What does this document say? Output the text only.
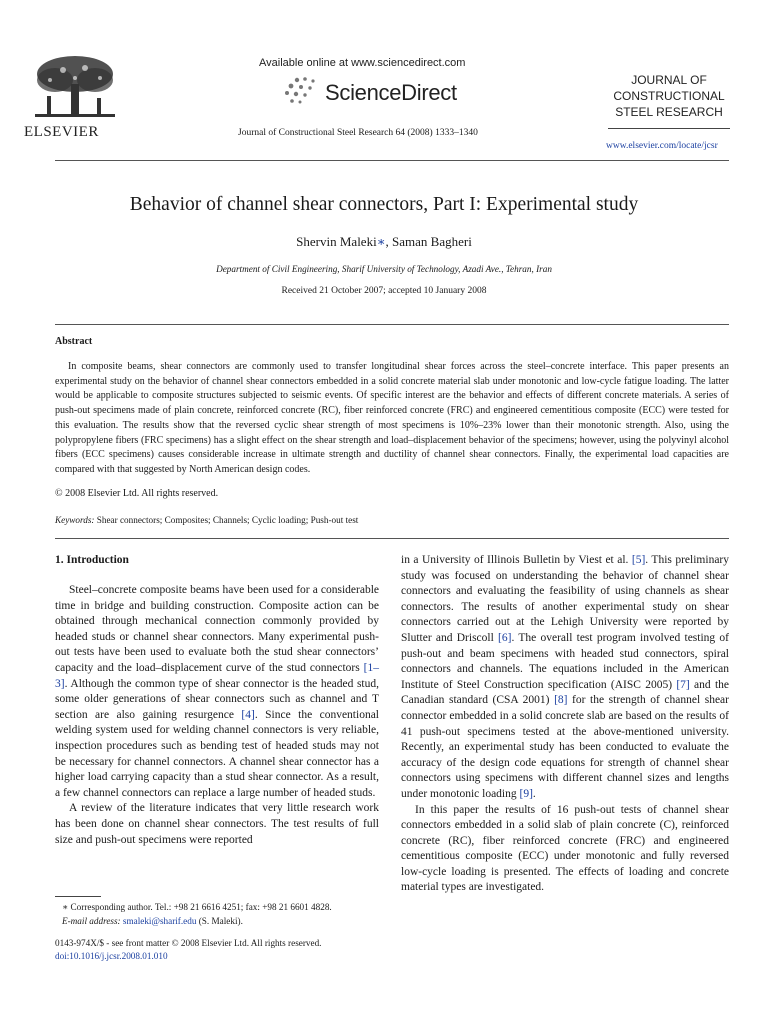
ELSEVIER
Available online at www.sciencedirect.com
ScienceDirect
Journal of Constructional Steel Research 64 (2008) 1333–1340
JOURNAL OF
CONSTRUCTIONAL
STEEL RESEARCH
www.elsevier.com/locate/jcsr
Behavior of channel shear connectors, Part I: Experimental study
Shervin Maleki∗, Saman Bagheri
Department of Civil Engineering, Sharif University of Technology, Azadi Ave., Tehran, Iran
Received 21 October 2007; accepted 10 January 2008
Abstract
In composite beams, shear connectors are commonly used to transfer longitudinal shear forces across the steel–concrete interface. This paper presents an experimental study on the behavior of channel shear connectors embedded in a solid concrete material slab under monotonic and low-cycle fatigue loading. The latter would be applicable to composite structures subjected to seismic events. Of specific interest are the behavior and effects of different concrete materials. A series of push-out specimens made of plain concrete, reinforced concrete (RC), fiber reinforced concrete (FRC) and engineered cementitious composite (ECC) were tested for this evaluation. The results show that the reversed cyclic shear strength of most specimens is 10%–23% lower than their monotonic strength. Also, using the polypropylene fibers (FRC specimens) has a slight effect on the shear strength and load–displacement behavior of the specimens; however, using the polyvinyl alcohol fibers (ECC specimens) causes considerable increase in ultimate strength and ductility of channel shear connectors. Finally, the experimental load capacities are compared with that suggested by North American design codes.
© 2008 Elsevier Ltd. All rights reserved.
Keywords: Shear connectors; Composites; Channels; Cyclic loading; Push-out test
1. Introduction

Steel–concrete composite beams have been used for a considerable time in bridge and building construction. Composite action can be obtained through mechanical connection commonly provided by headed studs or channel shear connectors. Many experimental push-out tests have been used to evaluate both the stud shear connectors’ capacity and the load–displacement curve of the stud connectors [1–3]. Although the common type of shear connector is the headed stud, some older generations of shear connectors such as channel and T section are also gaining resurgence [4]. Since the conventional welding system used for welding channel connectors is very reliable, inspection procedures such as bending test of headed studs may not be necessary for channel connectors. A channel shear connector has a higher load carrying capacity than a stud shear connector. As a result, a few channel connectors can replace a large number of headed studs.

A review of the literature indicates that very little research work has been done on channel shear connectors. The test results of full size and push-out specimens were reported

in a University of Illinois Bulletin by Viest et al. [5]. This preliminary study was focused on understanding the behavior of channel shear connectors and evaluating the feasibility of using channels as shear connectors. The results of another experimental study on shear connectors carried out at the Lehigh University were reported by Slutter and Driscoll [6]. The overall test program involved testing of push-out and beam specimens with headed stud connectors, spiral connectors and channels. The equations included in the American Institute of Steel Construction specification (AISC 2005) [7] and the Canadian standard (CSA 2001) [8] for the strength of channel shear connector embedded in a solid concrete slab are based on the results of 41 push-out specimens tested at the above-mentioned university. Recently, an experimental study has been conducted to evaluate the accuracy of the design code equations for strength of channel shear connectors using specimens with different channel sizes and lengths under monotonic loading [9].

In this paper the results of 16 push-out tests of channel shear connectors embedded in a solid slab of plain concrete (C), reinforced concrete (RC), fiber reinforced concrete (FRC) and engineered cementitious composite (ECC) under monotonic and fully reversed low-cycle loading is presented. The effects of loading and concrete material types are investigated.

∗ Corresponding author. Tel.: +98 21 6616 4251; fax: +98 21 6601 4828.
E-mail address: smaleki@sharif.edu (S. Maleki).
0143-974X/$ - see front matter © 2008 Elsevier Ltd. All rights reserved.
doi:10.1016/j.jcsr.2008.01.010
